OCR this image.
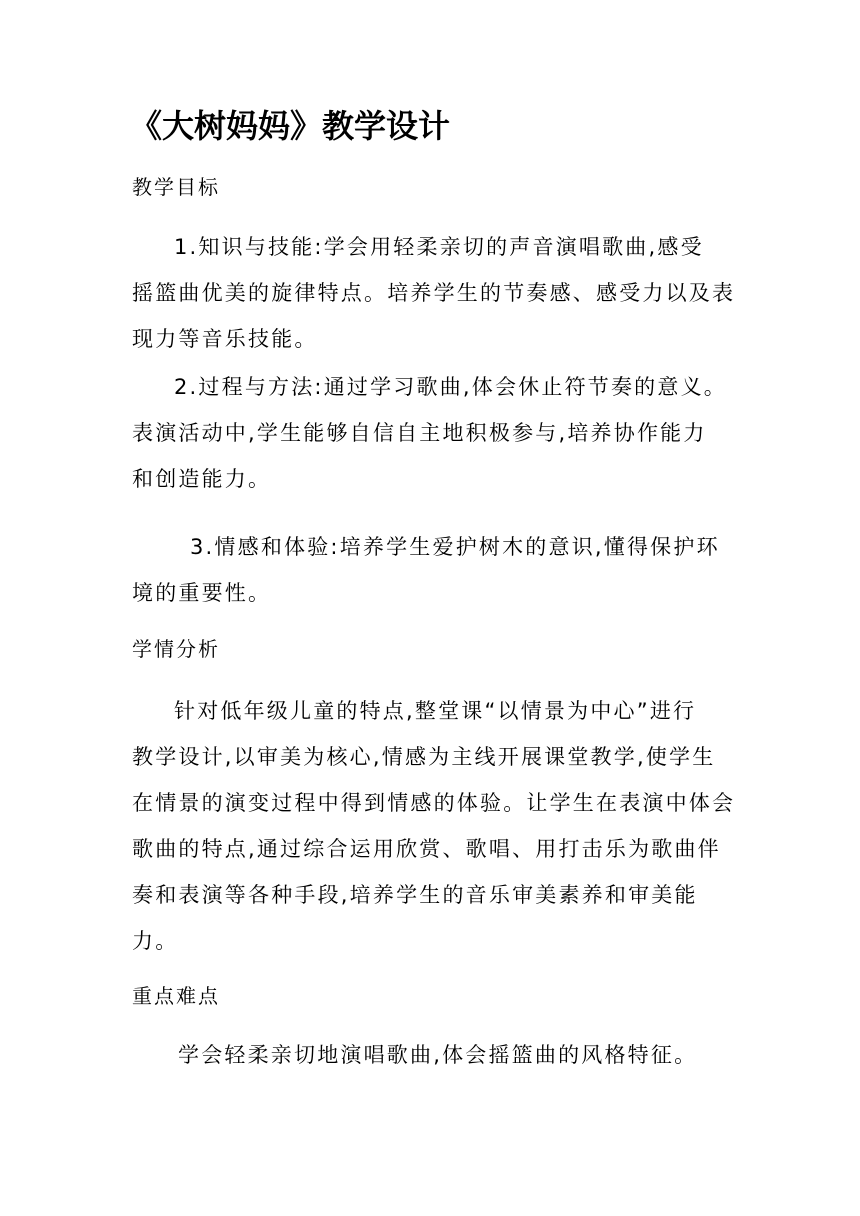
《大树妈妈》教学设计
教学目标
1.知识与技能:学会用轻柔亲切的声音演唱歌曲,感受
摇篮曲优美的旋律特点。培养学生的节奏感、感受力以及表
现力等音乐技能。
2.过程与方法:通过学习歌曲,体会休止符节奏的意义。
表演活动中,学生能够自信自主地积极参与,培养协作能力
和创造能力。
3.情感和体验:培养学生爱护树木的意识,懂得保护环
境的重要性。
学情分析
针对低年级儿童的特点,整堂课“以情景为中心”进行
教学设计,以审美为核心,情感为主线开展课堂教学,使学生
在情景的演变过程中得到情感的体验。让学生在表演中体会
歌曲的特点,通过综合运用欣赏、歌唱、用打击乐为歌曲伴
奏和表演等各种手段,培养学生的音乐审美素养和审美能
力。
重点难点
学会轻柔亲切地演唱歌曲,体会摇篮曲的风格特征。
